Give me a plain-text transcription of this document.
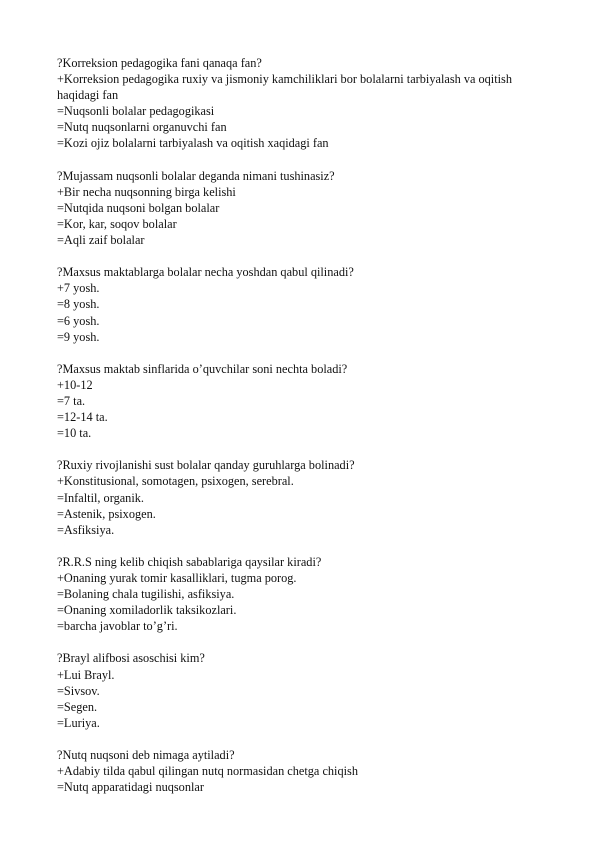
?Korreksion pedagogika fani qanaqa fan?
+Korreksion pedagogika ruxiy va jismoniy kamchiliklari bor bolalarni tarbiyalash va oqitish haqidagi fan
=Nuqsonli bolalar pedagogikasi
=Nutq nuqsonlarni organuvchi fan
=Kozi ojiz bolalarni tarbiyalash va oqitish xaqidagi fan
?Mujassam nuqsonli bolalar deganda nimani tushinasiz?
+Bir necha nuqsonning birga kelishi
=Nutqida nuqsoni bolgan bolalar
=Kor, kar, soqov bolalar
=Aqli zaif bolalar
?Maxsus maktablarga bolalar necha yoshdan qabul qilinadi?
+7 yosh.
=8 yosh.
=6 yosh.
=9 yosh.
?Maxsus maktab sinflarida o’quvchilar soni nechta boladi?
+10-12
=7 ta.
=12-14 ta.
=10 ta.
?Ruxiy rivojlanishi sust bolalar qanday guruhlarga bolinadi?
+Konstitusional, somotagen, psixogen, serebral.
=Infaltil, organik.
=Astenik, psixogen.
=Asfiksiya.
?R.R.S ning kelib chiqish sabablariga qaysilar kiradi?
+Onaning yurak tomir kasalliklari, tugma porog.
=Bolaning chala tugilishi, asfiksiya.
=Onaning xomiladorlik taksikozlari.
=barcha javoblar to’g’ri.
?Brayl alifbosi asoschisi kim?
+Lui Brayl.
=Sivsov.
=Segen.
=Luriya.
?Nutq nuqsoni deb nimaga aytiladi?
+Adabiy tilda qabul qilingan nutq normasidan chetga chiqish
=Nutq apparatidagi nuqsonlar
